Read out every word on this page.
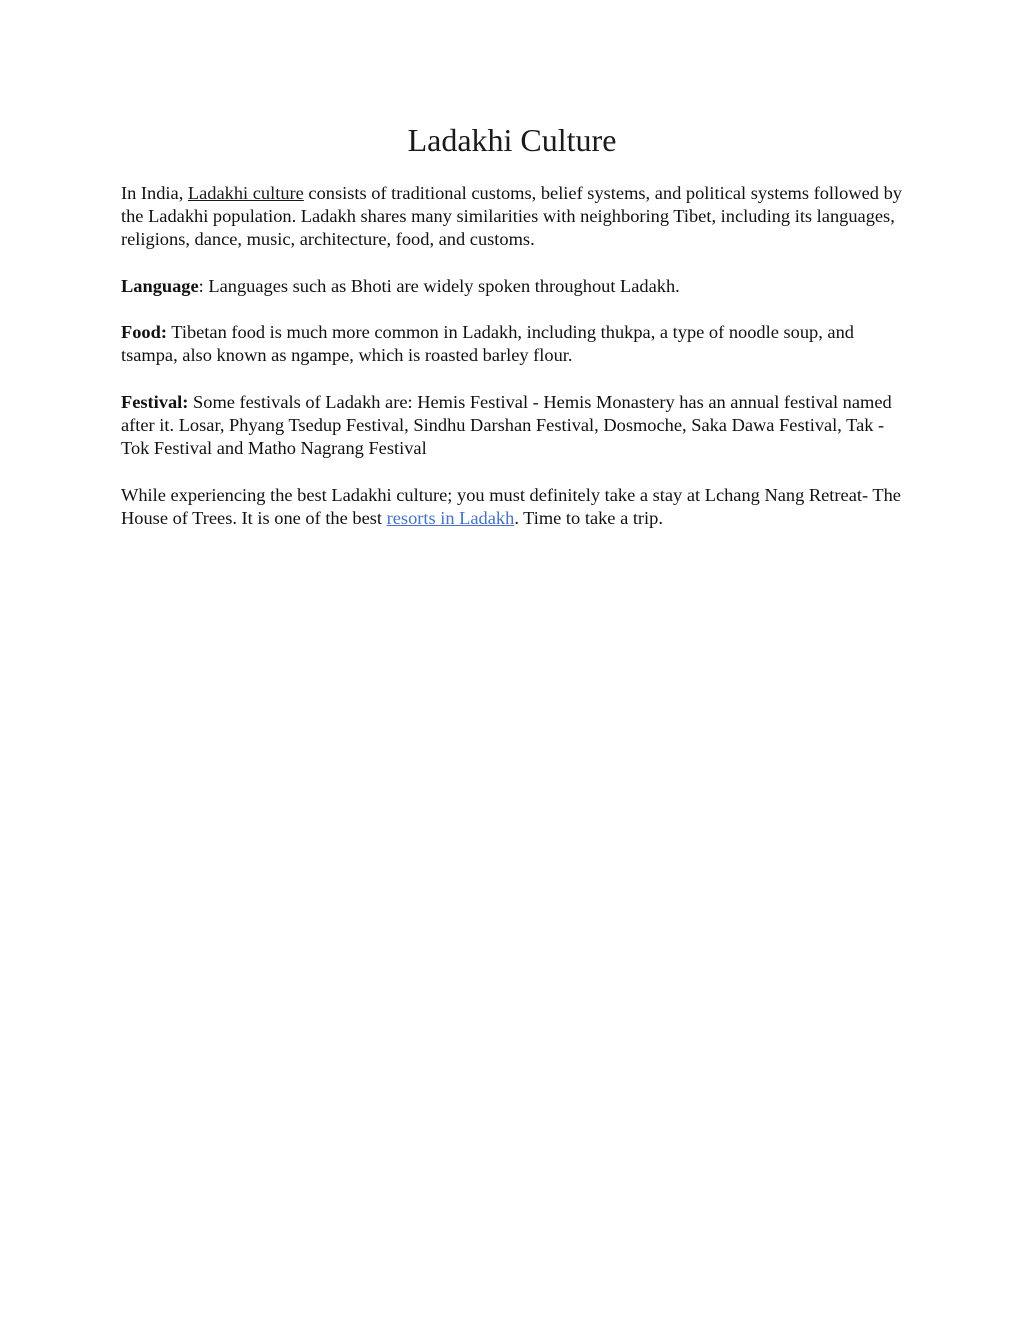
Ladakhi Culture

In India, Ladakhi culture consists of traditional customs, belief systems, and political systems followed by the Ladakhi population. Ladakh shares many similarities with neighboring Tibet, including its languages, religions, dance, music, architecture, food, and customs.

Language: Languages such as Bhoti are widely spoken throughout Ladakh.

Food: Tibetan food is much more common in Ladakh, including thukpa, a type of noodle soup, and tsampa, also known as ngampe, which is roasted barley flour.

Festival: Some festivals of Ladakh are: Hemis Festival - Hemis Monastery has an annual festival named after it. Losar, Phyang Tsedup Festival, Sindhu Darshan Festival, Dosmoche, Saka Dawa Festival, Tak - Tok Festival and Matho Nagrang Festival

While experiencing the best Ladakhi culture; you must definitely take a stay at Lchang Nang Retreat- The House of Trees. It is one of the best resorts in Ladakh. Time to take a trip.
